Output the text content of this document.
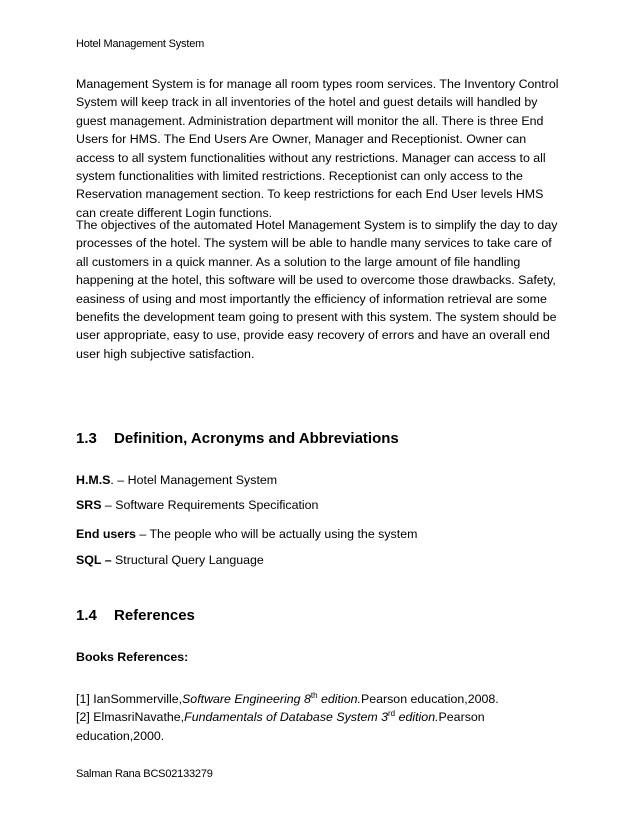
Hotel Management System

Management System is for manage all room types room services. The Inventory Control System will keep track in all inventories of the hotel and guest details will handled by guest management. Administration department will monitor the all. There is three End Users for HMS. The End Users Are Owner, Manager and Receptionist. Owner can access to all system functionalities without any restrictions. Manager can access to all system functionalities with limited restrictions. Receptionist can only access to the Reservation management section. To keep restrictions for each End User levels HMS can create different Login functions.

The objectives of the automated Hotel Management System is to simplify the day to day processes of the hotel. The system will be able to handle many services to take care of all customers in a quick manner. As a solution to the large amount of file handling happening at the hotel, this software will be used to overcome those drawbacks. Safety, easiness of using and most importantly the efficiency of information retrieval are some benefits the development team going to present with this system. The system should be user appropriate, easy to use, provide easy recovery of errors and have an overall end user high subjective satisfaction.

1.3 Definition, Acronyms and Abbreviations

H.M.S. – Hotel Management System

SRS – Software Requirements Specification

End users – The people who will be actually using the system

SQL – Structural Query Language

1.4 References

Books References:

[1] IanSommerville,Software Engineering 8th edition.Pearson education,2008.
[2] ElmasriNavathe,Fundamentals of Database System 3rd edition.Pearson education,2000.
Salman Rana BCS02133279
